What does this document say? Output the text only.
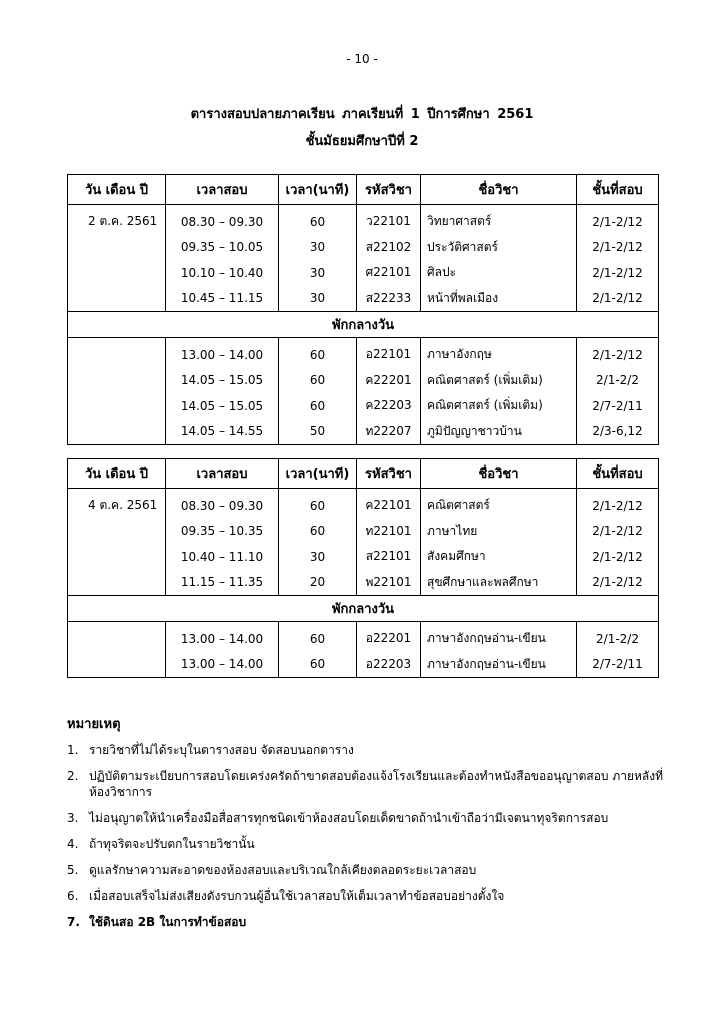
- 10 -
ตารางสอบปลายภาคเรียน ภาคเรียนที่ 1 ปีการศึกษา 2561
ชั้นมัธยมศึกษาปีที่ 2
วัน เดือน ปี	เวลาสอบ	เวลา(นาที)	รหัสวิชา	ชื่อวิชา	ชั้นที่สอบ
2 ต.ค. 2561	08.30 – 09.30	60	ว22101	วิทยาศาสตร์	2/1-2/12
	09.35 – 10.05	30	ส22102	ประวัติศาสตร์	2/1-2/12
	10.10 – 10.40	30	ศ22101	ศิลปะ	2/1-2/12
	10.45 – 11.15	30	ส22233	หน้าที่พลเมือง	2/1-2/12
พักกลางวัน					
	13.00 – 14.00	60	อ22101	ภาษาอังกฤษ	2/1-2/12
	14.05 – 15.05	60	ค22201	คณิตศาสตร์ (เพิ่มเติม)	2/1-2/2
	14.05 – 15.05	60	ค22203	คณิตศาสตร์ (เพิ่มเติม)	2/7-2/11
	14.05 – 14.55	50	ท22207	ภูมิปัญญาชาวบ้าน	2/3-6,12
วัน เดือน ปี	เวลาสอบ	เวลา(นาที)	รหัสวิชา	ชื่อวิชา	ชั้นที่สอบ
4 ต.ค. 2561	08.30 – 09.30	60	ค22101	คณิตศาสตร์	2/1-2/12
	09.35 – 10.35	60	ท22101	ภาษาไทย	2/1-2/12
	10.40 – 11.10	30	ส22101	สังคมศึกษา	2/1-2/12
	11.15 – 11.35	20	พ22101	สุขศึกษาและพลศึกษา	2/1-2/12
พักกลางวัน					
	13.00 – 14.00	60	อ22201	ภาษาอังกฤษอ่าน-เขียน	2/1-2/2
	13.00 – 14.00	60	อ22203	ภาษาอังกฤษอ่าน-เขียน	2/7-2/11
หมายเหตุ
1. รายวิชาที่ไม่ได้ระบุในตารางสอบ จัดสอบนอกตาราง
2. ปฏิบัติตามระเบียบการสอบโดยเคร่งครัดถ้าขาดสอบต้องแจ้งโรงเรียนและต้องทำหนังสือขออนุญาตสอบ ภายหลังที่ห้องวิชาการ
3. ไม่อนุญาตให้นำเครื่องมือสื่อสารทุกชนิดเข้าห้องสอบโดยเด็ดขาดถ้านำเข้าถือว่ามีเจตนาทุจริตการสอบ
4. ถ้าทุจริตจะปรับตกในรายวิชานั้น
5. ดูแลรักษาความสะอาดของห้องสอบและบริเวณใกล้เคียงตลอดระยะเวลาสอบ
6. เมื่อสอบเสร็จไม่ส่งเสียงดังรบกวนผู้อื่นใช้เวลาสอบให้เต็มเวลาทำข้อสอบอย่างตั้งใจ
7. ใช้ดินสอ 2B ในการทำข้อสอบ
